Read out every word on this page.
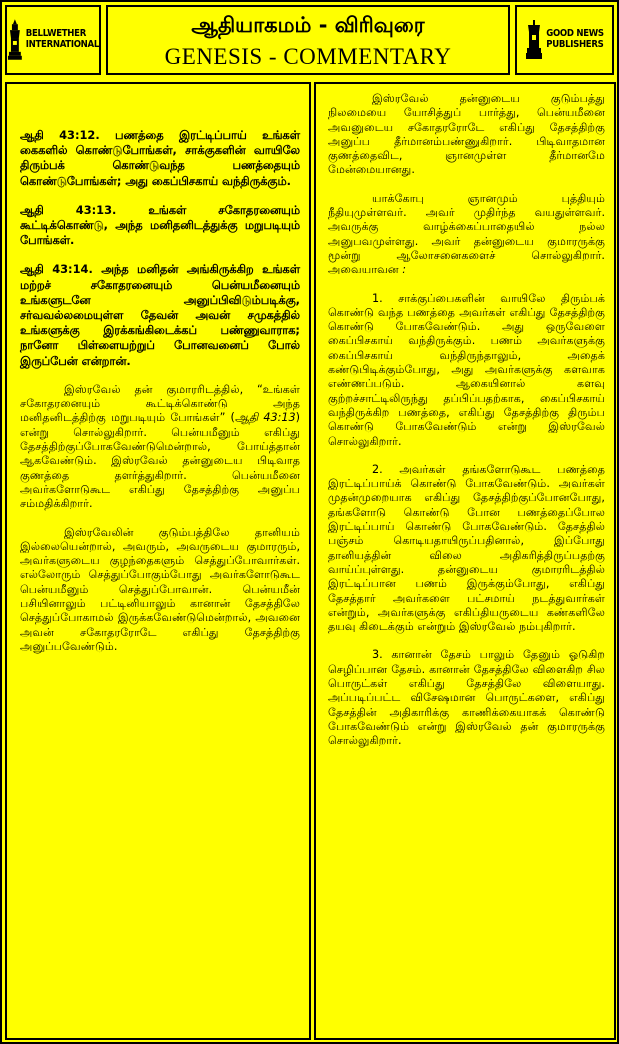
BELLWETHER
INTERNATIONAL
ஆதியாகமம் - விரிவுரை
GENESIS - COMMENTARY
GOOD NEWS
PUBLISHERS

ஆதி 43:12. பணத்தை இரட்டிப்பாய் உங்கள் கைகளில் கொண்டுபோங்கள், சாக்குகளின் வாயிலே திரும்பக் கொண்டுவந்த பணத்தையும் கொண்டுபோங்கள்; அது கைப்பிசகாய் வந்திருக்கும்.

ஆதி 43:13. உங்கள் சகோதரனையும் கூட்டிக்கொண்டு, அந்த மனிதனிடத்துக்கு மறுபடியும் போங்கள்.

ஆதி 43:14. அந்த மனிதன் அங்கிருக்கிற உங்கள் மற்றச் சகோதரனையும் பென்யமீனையும் உங்களுடனே அனுப்பிவிடும்படிக்கு, சர்வவல்லமையுள்ள தேவன் அவன் சமுகத்தில் உங்களுக்கு இரக்கங்கிடைக்கப் பண்ணுவாராக; நானோ பிள்ளையற்றுப் போனவனைப் போல் இருப்பேன் என்றான்.

இஸ்ரவேல் தன் குமாரரிடத்தில், “உங்கள் சகோதரனையும் கூட்டிக்கொண்டு அந்த மனிதனிடத்திற்கு மறுபடியும் போங்கள்” (ஆதி 43:13) என்று சொல்லுகிறார். பென்யமீனும் எகிப்து தேசத்திற்குப்போகவேண்டுமென்றால், போய்த்தான் ஆகவேண்டும். இஸ்ரவேல் தன்னுடைய பிடிவாத குணத்தை தளர்த்துகிறார். பென்யமீனை அவர்களோடுகூட எகிப்து தேசத்திற்கு அனுப்ப சம்மதிக்கிறார்.

இஸ்ரவேலின் குடும்பத்திலே தானியம் இல்லையென்றால், அவரும், அவருடைய குமாரரும், அவர்களுடைய குழந்தைகளும் செத்துப்போவார்கள். எல்லோரும் செத்துப்போகும்போது அவர்களோடுகூட பென்யமீனும் செத்துப்போவான். பென்யமீன் பசியினாலும் பட்டினியாலும் கானான் தேசத்திலே செத்துப்போகாமல் இருக்கவேண்டுமென்றால், அவனை அவன் சகோதரரோடே எகிப்து தேசத்திற்கு அனுப்பவேண்டும்.

இஸ்ரவேல் தன்னுடைய குடும்பத்து நிலமையை யோசித்துப் பார்த்து, பென்யமீனை அவனுடைய சகோதரரோடே எகிப்து தேசத்திற்கு அனுப்ப தீர்மானம்பண்ணுகிறார். பிடிவாதமான குணத்தைவிட, ஞானமுள்ள தீர்மானமே மேன்மையானது.

யாக்கோபு ஞானமும் புத்தியும் நீதியுமுள்ளவர். அவர் முதிர்ந்த வயதுள்ளவர். அவருக்கு வாழ்க்கைப்பாதையில் நல்ல அனுபவமுள்ளது. அவர் தன்னுடைய குமாரருக்கு மூன்று ஆலோசனைகளைச் சொல்லுகிறார். அவையாவன :

1. சாக்குப்பைகளின் வாயிலே திரும்பக் கொண்டு வந்த பணத்தை அவர்கள் எகிப்து தேசத்திற்கு கொண்டு போகவேண்டும். அது ஒருவேளை கைப்பிசகாய் வந்திருக்கும். பணம் அவர்களுக்கு கைப்பிசகாய் வந்திருந்தாலும், அதைக் கண்டுபிடிக்கும்போது, அது அவர்களுக்கு களவாக எண்ணப்படும். ஆகையினால் களவு குற்றச்சாட்டிலிருந்து தப்பிப்பதற்காக, கைப்பிசகாய் வந்திருக்கிற பணத்தை, எகிப்து தேசத்திற்கு திரும்ப கொண்டு போகவேண்டும் என்று இஸ்ரவேல் சொல்லுகிறார்.

2. அவர்கள் தங்களோடுகூட பணத்தை இரட்டிப்பாய்க் கொண்டு போகவேண்டும். அவர்கள் முதன்முறையாக எகிப்து தேசத்திற்குப்போனபோது, தங்களோடு கொண்டு போன பணத்தைப்போல இரட்டிப்பாய் கொண்டு போகவேண்டும். தேசத்தில் பஞ்சம் கொடியதாயிருப்பதினால், இப்போது தானியத்தின் விலை அதிகரித்திருப்பதற்கு வாய்ப்புள்ளது. தன்னுடைய குமாரரிடத்தில் இரட்டிப்பான பணம் இருக்கும்போது, எகிப்து தேசத்தார் அவர்களை பட்சமாய் நடத்துவார்கள் என்றும், அவர்களுக்கு எகிப்தியருடைய கண்களிலே தயவு கிடைக்கும் என்றும் இஸ்ரவேல் நம்புகிறார்.

3. கானான் தேசம் பாலும் தேனும் ஓடுகிற செழிப்பான தேசம். கானான் தேசத்திலே விளைகிற சில பொருட்கள் எகிப்து தேசத்திலே விளையாது. அப்படிப்பட்ட விசேஷமான பொருட்களை, எகிப்து தேசத்தின் அதிகாரிக்கு காணிக்கையாகக் கொண்டு போகவேண்டும் என்று இஸ்ரவேல் தன் குமாரருக்கு சொல்லுகிறார்.
